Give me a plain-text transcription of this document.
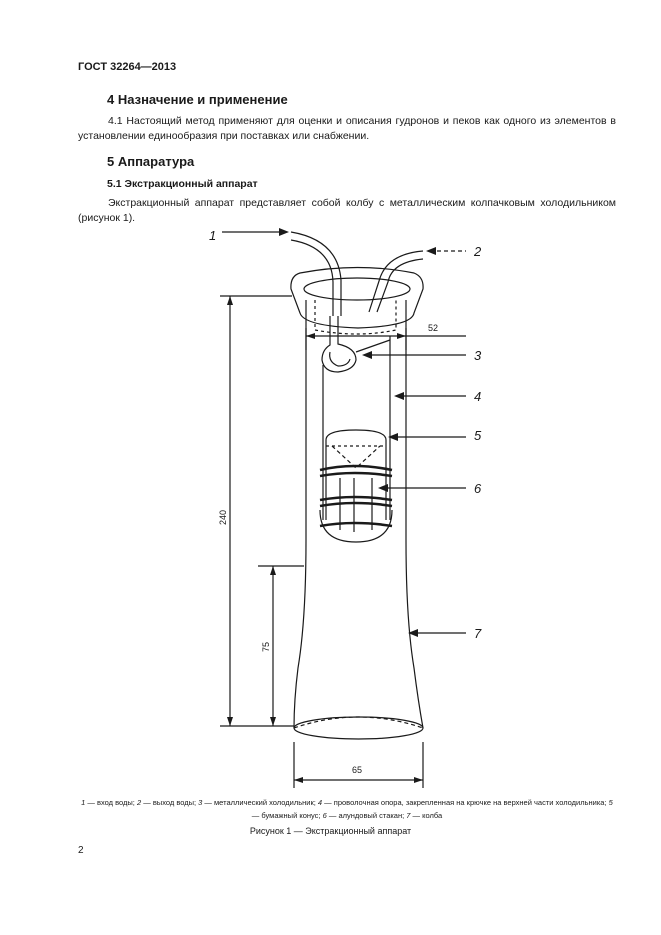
ГОСТ 32264—2013
4 Назначение и применение
4.1 Настоящий метод применяют для оценки и описания гудронов и пеков как одного из элементов в установлении единообразия при поставках или снабжении.
5 Аппаратура
5.1 Экстракционный аппарат
Экстракционный аппарат представляет собой колбу с металлическим колпачковым холодильником (рисунок 1).
1
2
3
4
5
6
7
52
65
240
75
1 — вход воды; 2 — выход воды; 3 — металлический холодильник; 4 — проволочная опора, закрепленная на крючке на верхней части холодильника; 5 — бумажный конус; 6 — алундовый стакан; 7 — колба
Рисунок 1 — Экстракционный аппарат
2
